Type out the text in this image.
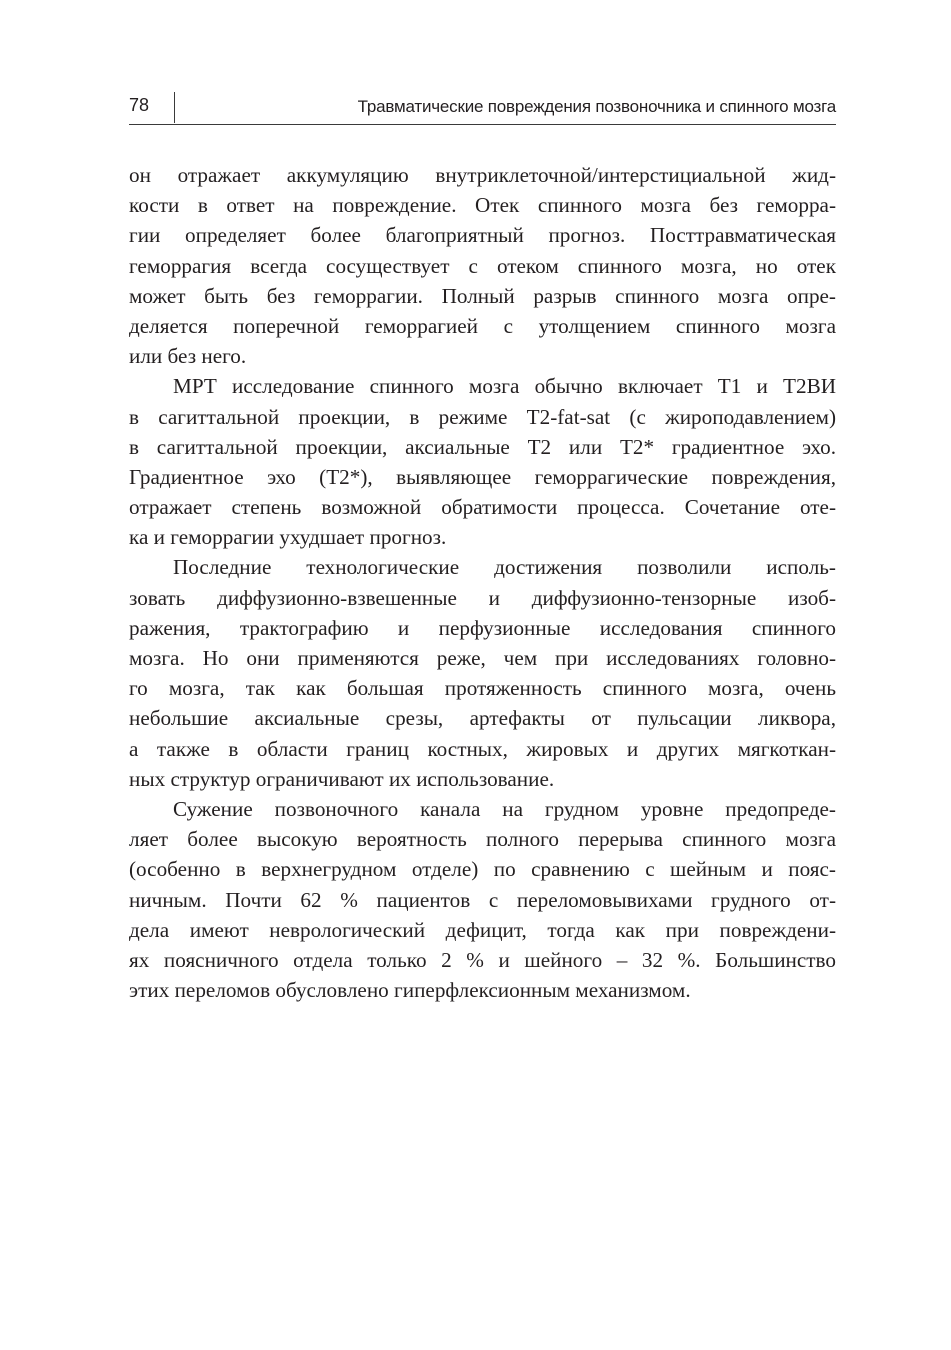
78	Травматические повреждения позвоночника и спинного мозга
он отражает аккумуляцию внутриклеточной/интерстициальной жид-
кости в ответ на повреждение. Отек спинного мозга без геморра-
гии определяет более благоприятный прогноз. Посттравматическая
геморрагия всегда сосуществует с отеком спинного мозга, но отек
может быть без геморрагии. Полный разрыв спинного мозга опре-
деляется поперечной геморрагией с утолщением спинного мозга
или без него.
МРТ исследование спинного мозга обычно включает Т1 и Т2ВИ
в сагиттальной проекции, в режиме T2-fat-sat (с жироподавлением)
в сагиттальной проекции, аксиальные Т2 или Т2* градиентное эхо.
Градиентное эхо (Т2*), выявляющее геморрагические повреждения,
отражает степень возможной обратимости процесса. Сочетание оте-
ка и геморрагии ухудшает прогноз.
Последние технологические достижения позволили исполь-
зовать диффузионно-взвешенные и диффузионно-тензорные изоб-
ражения, трактографию и перфузионные исследования спинного
мозга. Но они применяются реже, чем при исследованиях головно-
го мозга, так как большая протяженность спинного мозга, очень
небольшие аксиальные срезы, артефакты от пульсации ликвора,
а также в области границ костных, жировых и других мягкоткан-
ных структур ограничивают их использование.
Сужение позвоночного канала на грудном уровне предопреде-
ляет более высокую вероятность полного перерыва спинного мозга
(особенно в верхнегрудном отделе) по сравнению с шейным и пояс-
ничным. Почти 62 % пациентов с переломовывихами грудного от-
дела имеют неврологический дефицит, тогда как при повреждени-
ях поясничного отдела только 2 % и шейного – 32 %. Большинство
этих переломов обусловлено гиперфлексионным механизмом.
